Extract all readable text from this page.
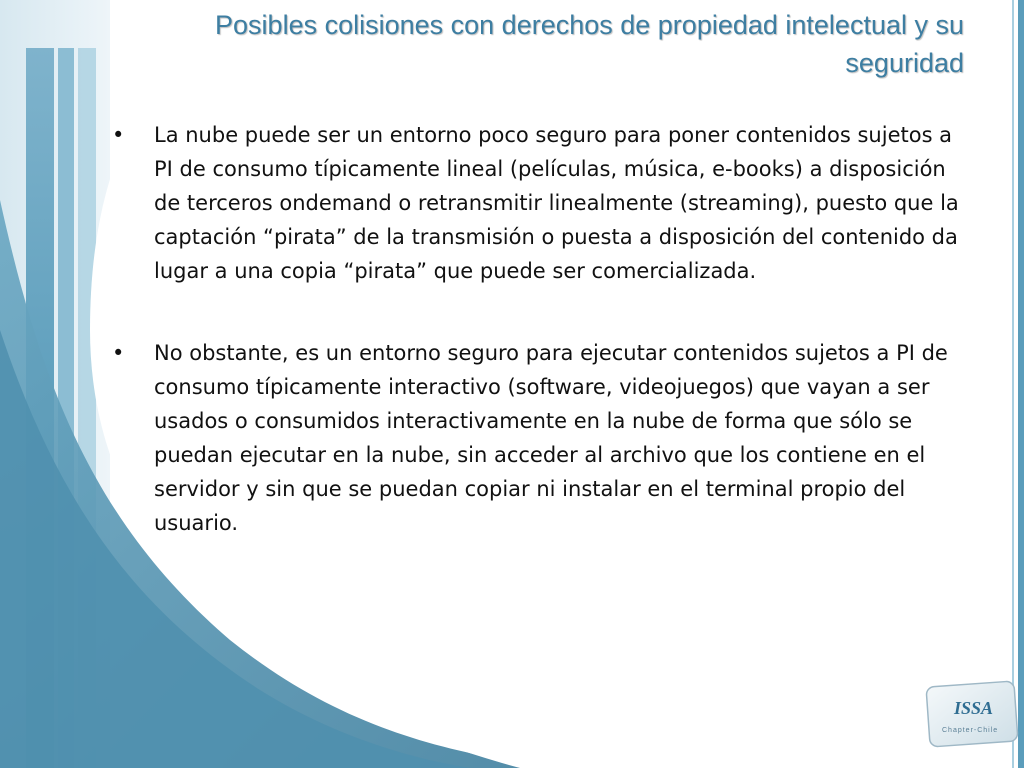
Posibles colisiones con derechos de propiedad intelectual y su seguridad
• La nube puede ser un entorno poco seguro para poner contenidos sujetos a PI de consumo típicamente lineal (películas, música, e-books) a disposición de terceros ondemand o retransmitir linealmente (streaming), puesto que la captación “pirata” de la transmisión o puesta a disposición del contenido da lugar a una copia “pirata” que puede ser comercializada.
• No obstante, es un entorno seguro para ejecutar contenidos sujetos a PI de consumo típicamente interactivo (software, videojuegos) que vayan a ser usados o consumidos interactivamente en la nube de forma que sólo se puedan ejecutar en la nube, sin acceder al archivo que los contiene en el servidor y sin que se puedan copiar ni instalar en el terminal propio del usuario.
ISSA
Chapter-Chile
